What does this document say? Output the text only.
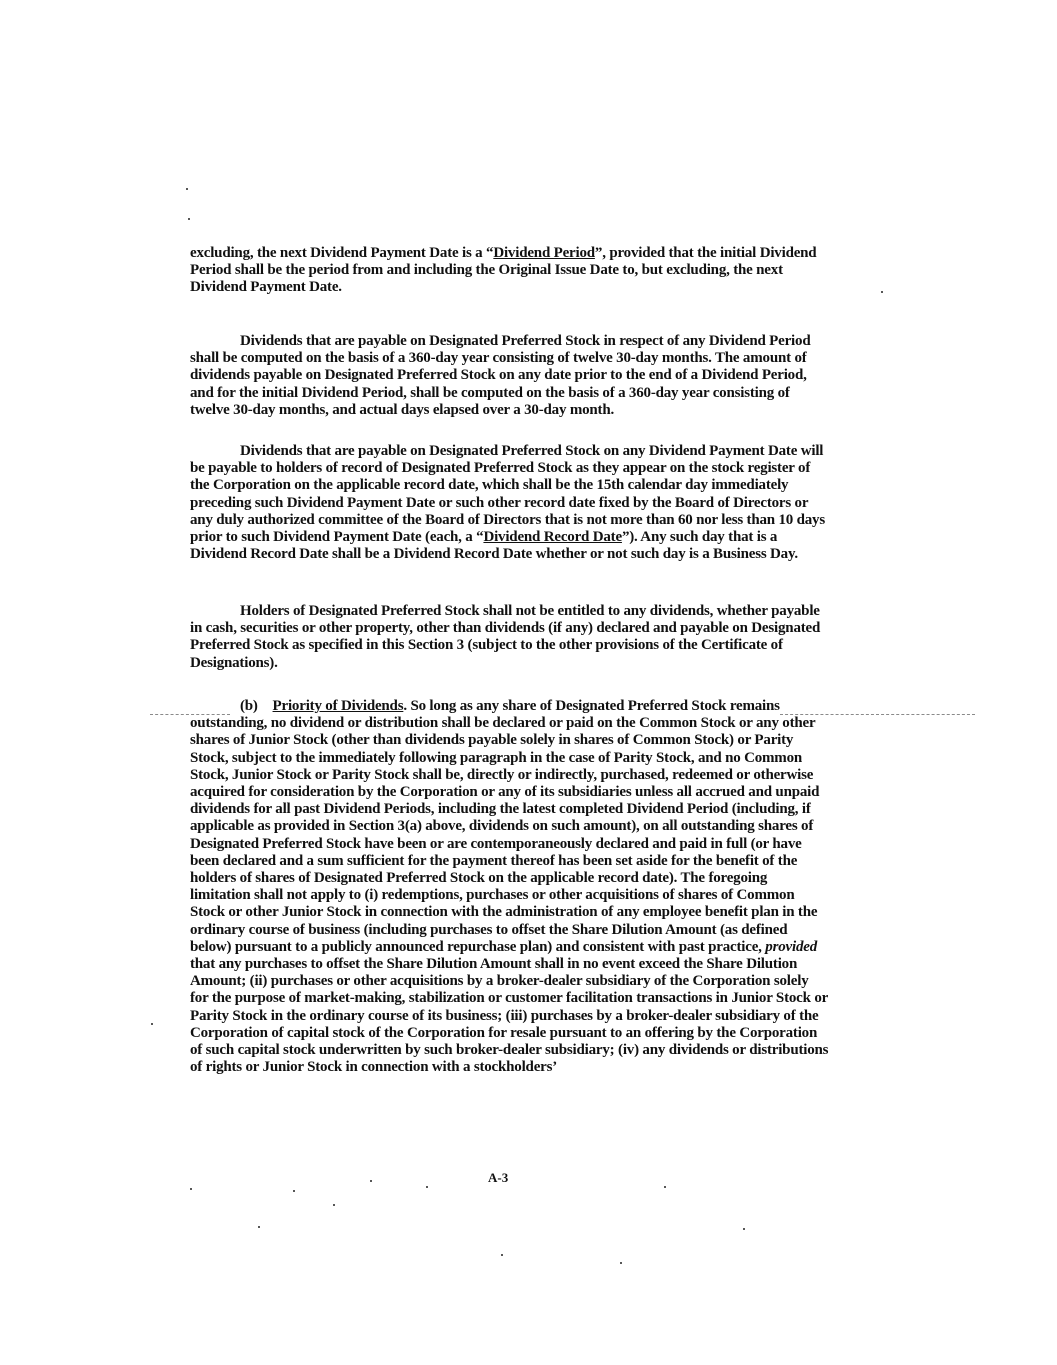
excluding, the next Dividend Payment Date is a “Dividend Period”, provided that the initial Dividend Period shall be the period from and including the Original Issue Date to, but excluding, the next Dividend Payment Date.
Dividends that are payable on Designated Preferred Stock in respect of any Dividend Period shall be computed on the basis of a 360-day year consisting of twelve 30-day months. The amount of dividends payable on Designated Preferred Stock on any date prior to the end of a Dividend Period, and for the initial Dividend Period, shall be computed on the basis of a 360-day year consisting of twelve 30-day months, and actual days elapsed over a 30-day month.
Dividends that are payable on Designated Preferred Stock on any Dividend Payment Date will be payable to holders of record of Designated Preferred Stock as they appear on the stock register of the Corporation on the applicable record date, which shall be the 15th calendar day immediately preceding such Dividend Payment Date or such other record date fixed by the Board of Directors or any duly authorized committee of the Board of Directors that is not more than 60 nor less than 10 days prior to such Dividend Payment Date (each, a “Dividend Record Date”). Any such day that is a Dividend Record Date shall be a Dividend Record Date whether or not such day is a Business Day.
Holders of Designated Preferred Stock shall not be entitled to any dividends, whether payable in cash, securities or other property, other than dividends (if any) declared and payable on Designated Preferred Stock as specified in this Section 3 (subject to the other provisions of the Certificate of Designations).
(b)  Priority of Dividends. So long as any share of Designated Preferred Stock remains outstanding, no dividend or distribution shall be declared or paid on the Common Stock or any other shares of Junior Stock (other than dividends payable solely in shares of Common Stock) or Parity Stock, subject to the immediately following paragraph in the case of Parity Stock, and no Common Stock, Junior Stock or Parity Stock shall be, directly or indirectly, purchased, redeemed or otherwise acquired for consideration by the Corporation or any of its subsidiaries unless all accrued and unpaid dividends for all past Dividend Periods, including the latest completed Dividend Period (including, if applicable as provided in Section 3(a) above, dividends on such amount), on all outstanding shares of Designated Preferred Stock have been or are contemporaneously declared and paid in full (or have been declared and a sum sufficient for the payment thereof has been set aside for the benefit of the holders of shares of Designated Preferred Stock on the applicable record date). The foregoing limitation shall not apply to (i) redemptions, purchases or other acquisitions of shares of Common Stock or other Junior Stock in connection with the administration of any employee benefit plan in the ordinary course of business (including purchases to offset the Share Dilution Amount (as defined below) pursuant to a publicly announced repurchase plan) and consistent with past practice, provided that any purchases to offset the Share Dilution Amount shall in no event exceed the Share Dilution Amount; (ii) purchases or other acquisitions by a broker-dealer subsidiary of the Corporation solely for the purpose of market-making, stabilization or customer facilitation transactions in Junior Stock or Parity Stock in the ordinary course of its business; (iii) purchases by a broker-dealer subsidiary of the Corporation of capital stock of the Corporation for resale pursuant to an offering by the Corporation of such capital stock underwritten by such broker-dealer subsidiary; (iv) any dividends or distributions of rights or Junior Stock in connection with a stockholders’
A-3
